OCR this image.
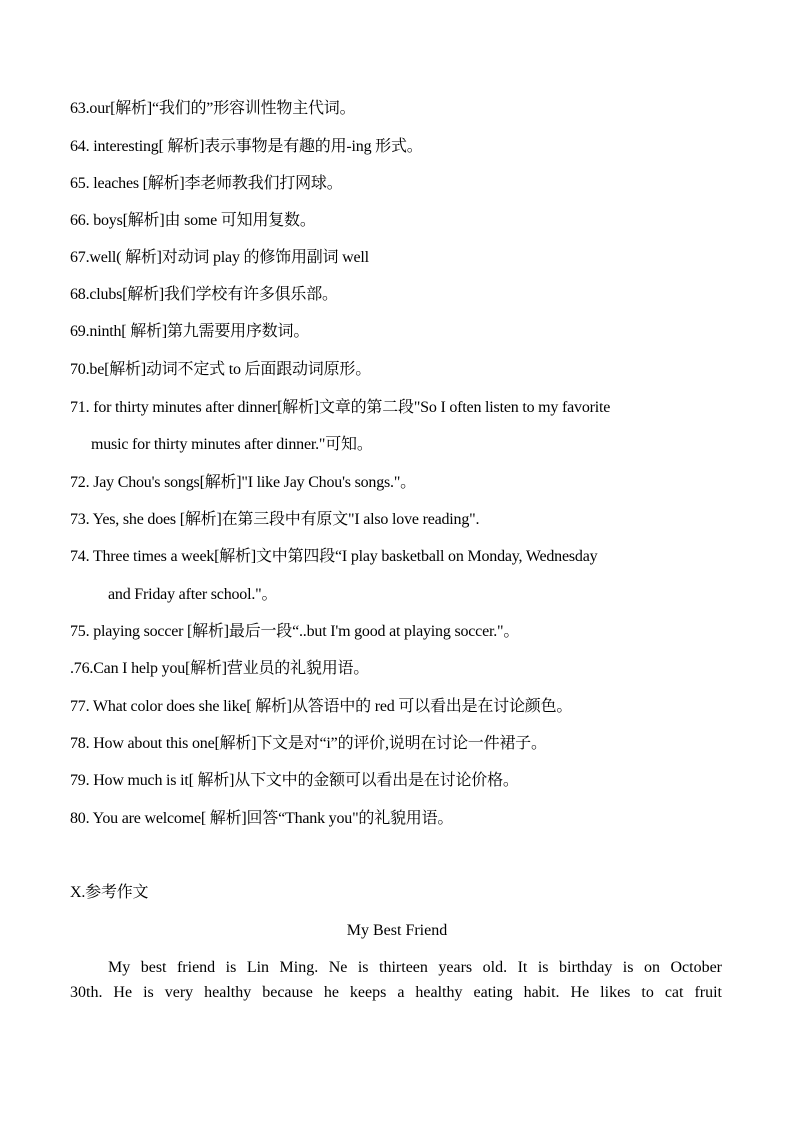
63.our[解析]“我们的”形容训性物主代词。
64. interesting[ 解析]表示事物是有趣的用-ing 形式。
65. leaches [解析]李老师教我们打网球。
66. boys[解析]由 some 可知用复数。
67.well( 解析]对动词 play 的修饰用副词 well
68.clubs[解析]我们学校有许多俱乐部。
69.ninth[ 解析]第九需要用序数词。
70.be[解析]动词不定式 to 后面跟动词原形。
71. for thirty minutes after dinner[解析]文章的第二段"So I often listen to my favorite
music for thirty minutes after dinner."可知。
72. Jay Chou's songs[解析]"I like Jay Chou's songs."。
73. Yes, she does [解析]在第三段中有原文"I also love reading".
74. Three times a week[解析]文中第四段“I play basketball on Monday, Wednesday
and Friday after school."。
75. playing soccer [解析]最后一段“..but I'm good at playing soccer."。
.76.Can I help you[解析]营业员的礼貌用语。
77. What color does she like[ 解析]从答语中的 red 可以看出是在讨论颜色。
78. How about this one[解析]下文是对“i”的评价,说明在讨论一件裙子。
79. How much is it[ 解析]从下文中的金额可以看出是在讨论价格。
80. You are welcome[ 解析]回答“Thank you"的礼貌用语。
X.参考作文
My Best Friend
My best friend is Lin Ming. Ne is thirteen years old. It is birthday is on October
30th. He is very healthy because he keeps a healthy eating habit. He likes to cat fruit
